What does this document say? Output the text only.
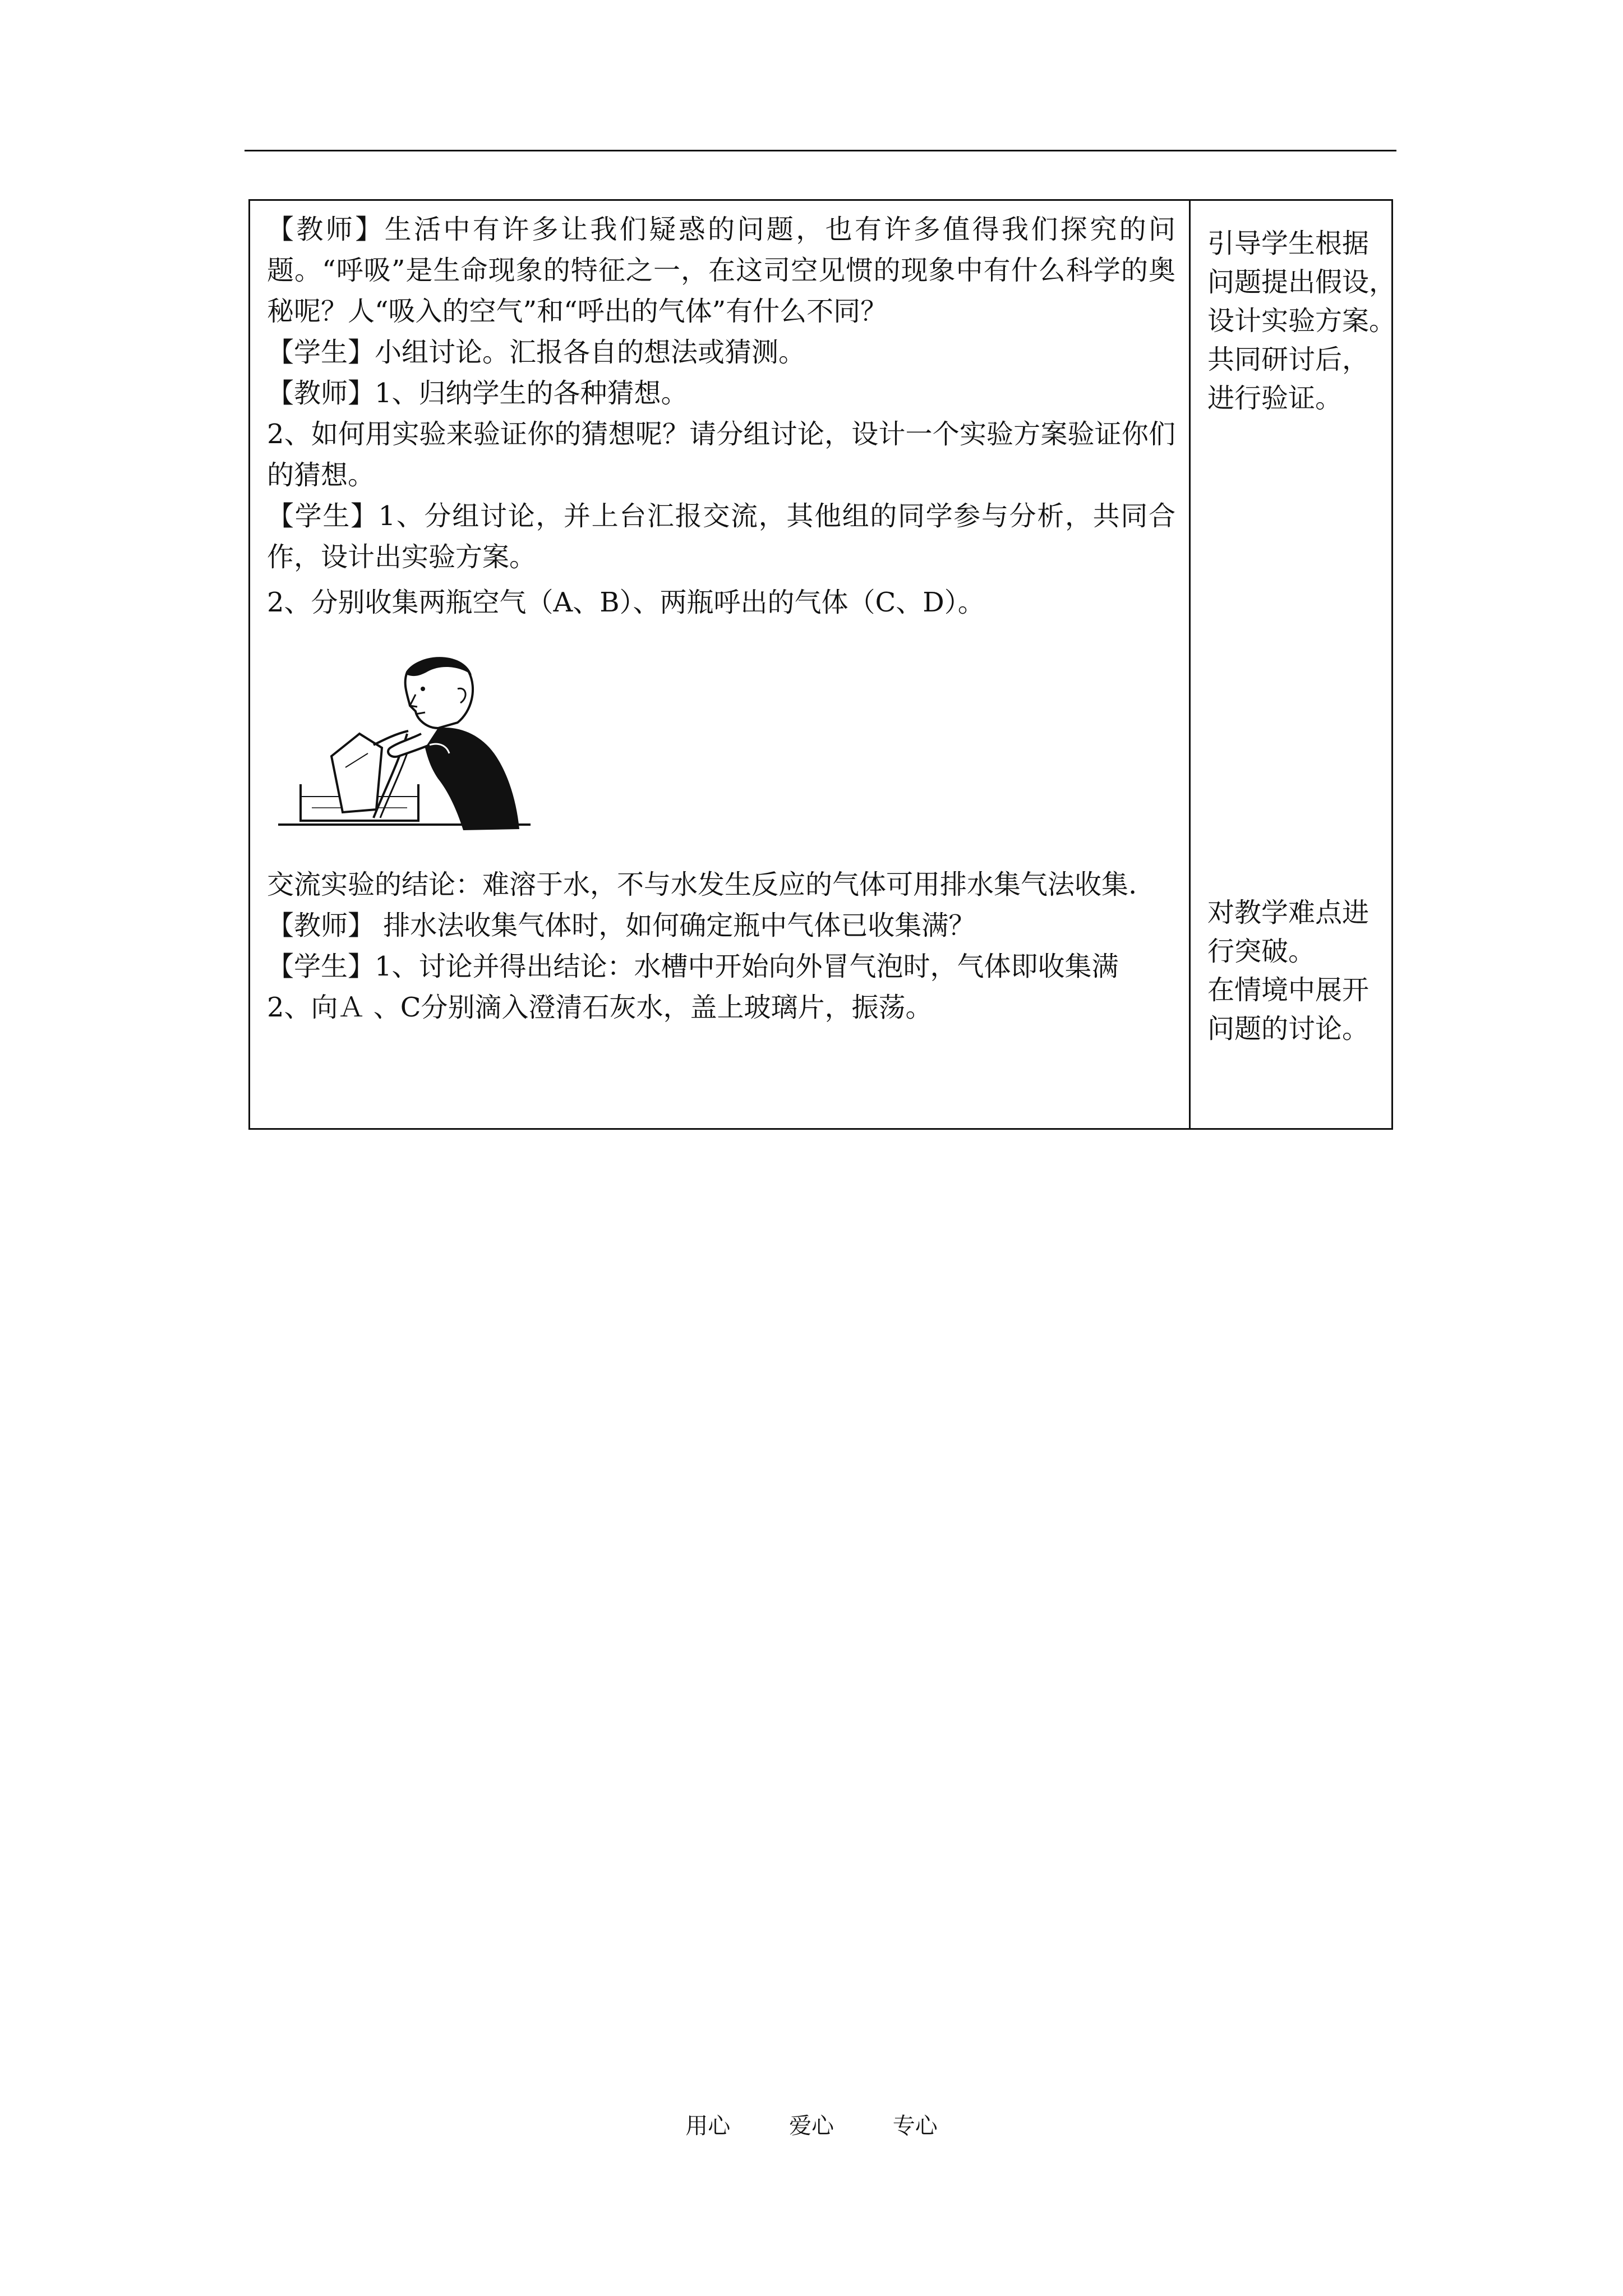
【教师】生活中有许多让我们疑惑的问题，也有许多值得我们探究的问题。“呼吸”是生命现象的特征之一，在这司空见惯的现象中有什么科学的奥秘呢？人“吸入的空气”和“呼出的气体”有什么不同？

【学生】小组讨论。汇报各自的想法或猜测。

【教师】1、归纳学生的各种猜想。

2、如何用实验来验证你的猜想呢？请分组讨论，设计一个实验方案验证你们的猜想。

【学生】1、分组讨论，并上台汇报交流，其他组的同学参与分析，共同合作，设计出实验方案。

2、分别收集两瓶空气（A、B）、两瓶呼出的气体（C、D）。

交流实验的结论：难溶于水，不与水发生反应的气体可用排水集气法收集.

【教师】 排水法收集气体时，如何确定瓶中气体已收集满？

【学生】1、讨论并得出结论：水槽中开始向外冒气泡时，气体即收集满

2、向Ａ 、C分别滴入澄清石灰水，盖上玻璃片，振荡。

引导学生根据

问题提出假设，

设计实验方案。

共同研讨后，

进行验证。

对教学难点进

行突破。

在情境中展开

问题的讨论。

用心	爱心	专心
